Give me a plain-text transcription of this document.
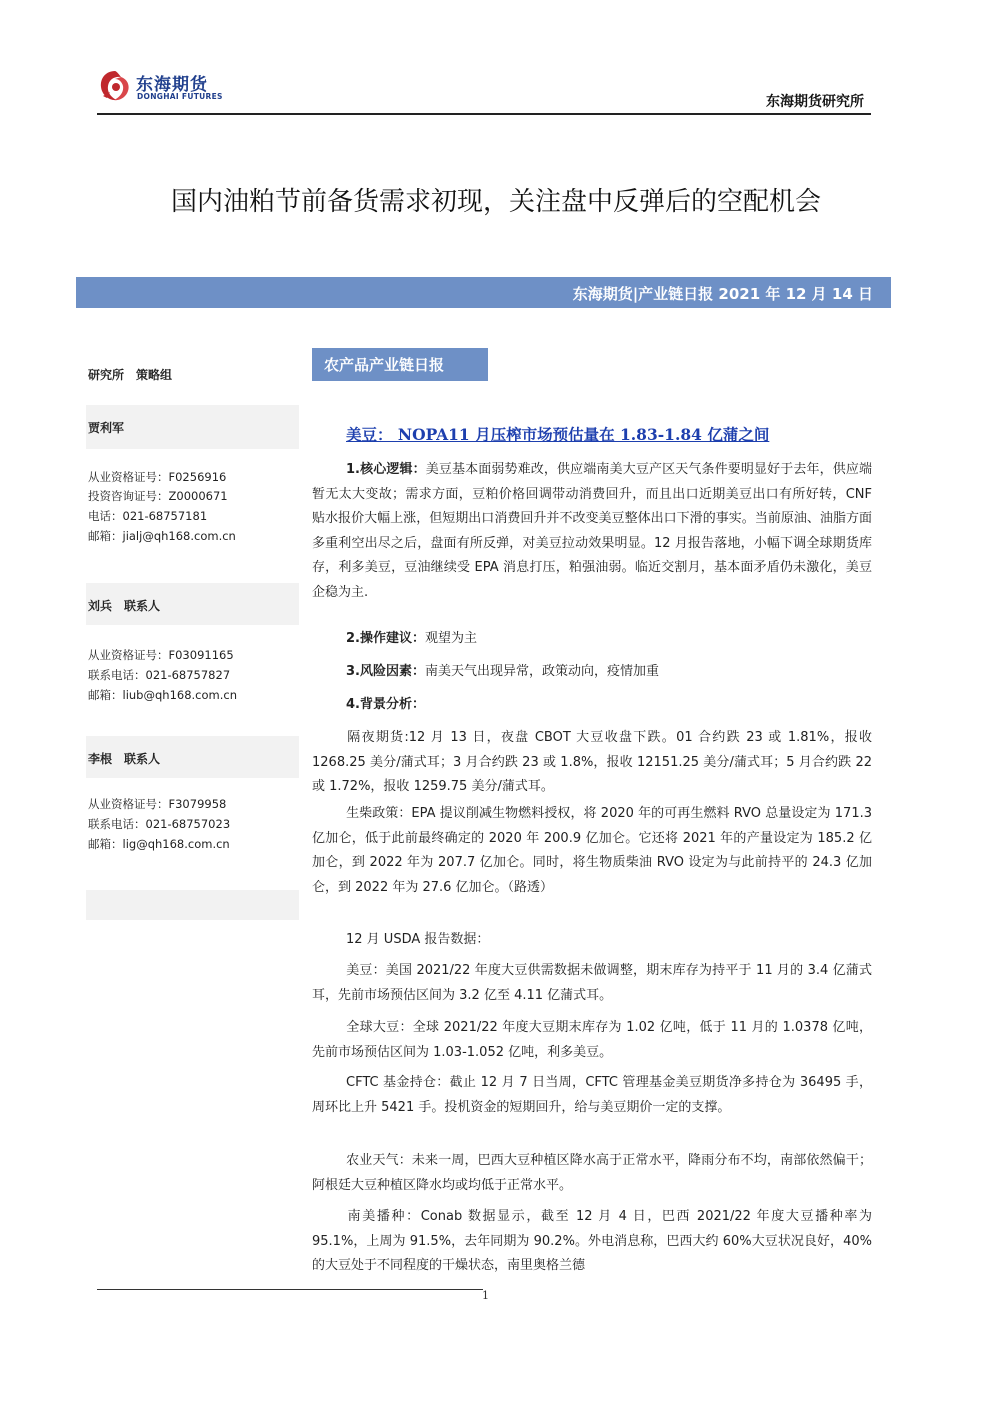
东海期货
DONGHAI FUTURES	东海期货研究所
国内油粕节前备货需求初现，关注盘中反弹后的空配机会
东海期货|产业链日报 2021 年 12 月 14 日
研究所　策略组
贾利军
从业资格证号：F0256916
投资咨询证号：Z0000671
电话：021-68757181
邮箱：jialj@qh168.com.cn
刘兵　联系人
从业资格证号：F03091165
联系电话：021-68757827
邮箱：liub@qh168.com.cn
李根　联系人
从业资格证号：F3079958
联系电话：021-68757023
邮箱：lig@qh168.com.cn
农产品产业链日报
美豆： NOPA11 月压榨市场预估量在 1.83-1.84 亿蒲之间
1.核心逻辑：美豆基本面弱势难改，供应端南美大豆产区天气条件要明显好于去年，供应端暂无太大变故；需求方面，豆粕价格回调带动消费回升，而且出口近期美豆出口有所好转，CNF 贴水报价大幅上涨，但短期出口消费回升并不改变美豆整体出口下滑的事实。当前原油、油脂方面多重利空出尽之后，盘面有所反弹，对美豆拉动效果明显。12 月报告落地，小幅下调全球期货库存，利多美豆，豆油继续受 EPA 消息打压，粕强油弱。临近交割月，基本面矛盾仍未激化，美豆企稳为主.
2.操作建议：观望为主
3.风险因素：南美天气出现异常，政策动向，疫情加重
4.背景分析：
隔夜期货:12 月 13 日，夜盘 CBOT 大豆收盘下跌。01 合约跌 23 或 1.81%，报收 1268.25 美分/蒲式耳；3 月合约跌 23 或 1.8%，报收 12151.25 美分/蒲式耳；5 月合约跌 22 或 1.72%，报收 1259.75 美分/蒲式耳。
生柴政策：EPA 提议削减生物燃料授权，将 2020 年的可再生燃料 RVO 总量设定为 171.3 亿加仑，低于此前最终确定的 2020 年 200.9 亿加仑。它还将 2021 年的产量设定为 185.2 亿加仑，到 2022 年为 207.7 亿加仑。同时，将生物质柴油 RVO 设定为与此前持平的 24.3 亿加仑，到 2022 年为 27.6 亿加仑。（路透）
12 月 USDA 报告数据：
美豆：美国 2021/22 年度大豆供需数据未做调整，期末库存为持平于 11 月的 3.4 亿蒲式耳，先前市场预估区间为 3.2 亿至 4.11 亿蒲式耳。
全球大豆：全球 2021/22 年度大豆期末库存为 1.02 亿吨，低于 11 月的 1.0378 亿吨，先前市场预估区间为 1.03-1.052 亿吨，利多美豆。
CFTC 基金持仓：截止 12 月 7 日当周，CFTC 管理基金美豆期货净多持仓为 36495 手，周环比上升 5421 手。投机资金的短期回升，给与美豆期价一定的支撑。
农业天气：未来一周，巴西大豆种植区降水高于正常水平，降雨分布不均，南部依然偏干；阿根廷大豆种植区降水均或均低于正常水平。
南美播种：Conab 数据显示，截至 12 月 4 日，巴西 2021/22 年度大豆播种率为 95.1%，上周为 91.5%，去年同期为 90.2%。外电消息称，巴西大约 60%大豆状况良好，40%的大豆处于不同程度的干燥状态，南里奥格兰德
1
